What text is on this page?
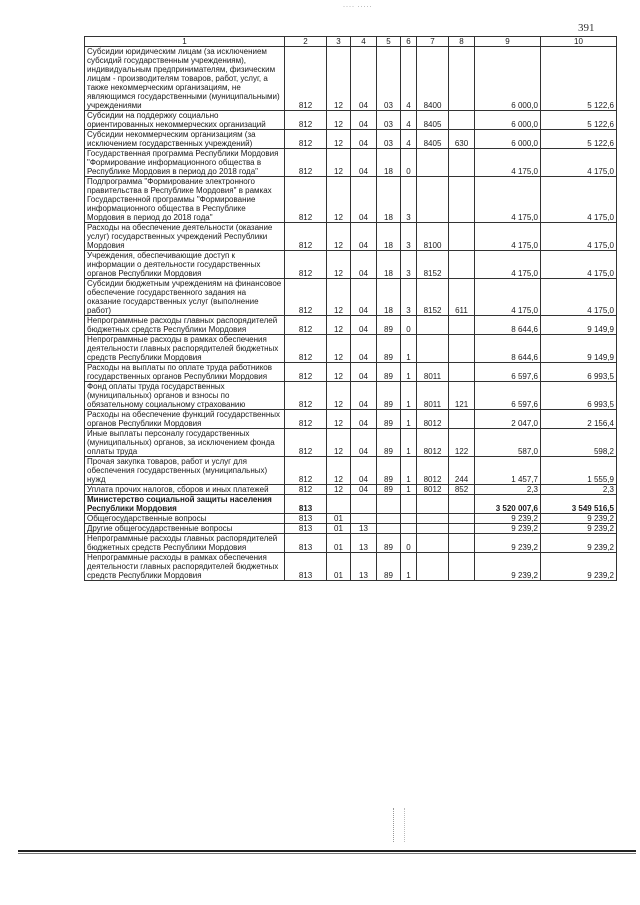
···· ·····
391
1	2	3	4	5	6	7	8	9	10
Субсидии юридическим лицам (за исключением субсидий государственным учреждениям), индивидуальным предпринимателям, физическим лицам - производителям товаров, работ, услуг, а также некоммерческим организациям, не являющимся государственными (муниципальными) учреждениями	812	12	04	03	4	8400		6 000,0	5 122,6
Субсидии на поддержку социально ориентированных некоммерческих организаций	812	12	04	03	4	8405		6 000,0	5 122,6
Субсидии некоммерческим организациям (за исключением государственных учреждений)	812	12	04	03	4	8405	630	6 000,0	5 122,6
Государственная программа Республики Мордовия "Формирование информационного общества в Республике Мордовия в период до 2018 года"	812	12	04	18	0			4 175,0	4 175,0
Подпрограмма "Формирование электронного правительства в Республике Мордовия" в рамках Государственной программы "Формирование информационного общества в Республике Мордовия в период до 2018 года"	812	12	04	18	3			4 175,0	4 175,0
Расходы на обеспечение деятельности (оказание услуг) государственных учреждений Республики Мордовия	812	12	04	18	3	8100		4 175,0	4 175,0
Учреждения, обеспечивающие доступ к информации о деятельности государственных органов Республики Мордовия	812	12	04	18	3	8152		4 175,0	4 175,0
Субсидии бюджетным учреждениям на финансовое обеспечение государственного задания на оказание государственных услуг (выполнение работ)	812	12	04	18	3	8152	611	4 175,0	4 175,0
Непрограммные расходы главных распорядителей бюджетных средств Республики Мордовия	812	12	04	89	0			8 644,6	9 149,9
Непрограммные расходы в рамках обеспечения деятельности главных распорядителей бюджетных средств Республики Мордовия	812	12	04	89	1			8 644,6	9 149,9
Расходы на выплаты по оплате труда работников государственных органов Республики Мордовия	812	12	04	89	1	8011		6 597,6	6 993,5
Фонд оплаты труда государственных (муниципальных) органов и взносы по обязательному социальному страхованию	812	12	04	89	1	8011	121	6 597,6	6 993,5
Расходы на обеспечение функций государственных органов Республики Мордовия	812	12	04	89	1	8012		2 047,0	2 156,4
Иные выплаты персоналу государственных (муниципальных) органов, за исключением фонда оплаты труда	812	12	04	89	1	8012	122	587,0	598,2
Прочая закупка товаров, работ и услуг для обеспечения государственных (муниципальных) нужд	812	12	04	89	1	8012	244	1 457,7	1 555,9
Уплата прочих налогов, сборов и иных платежей	812	12	04	89	1	8012	852	2,3	2,3
Министерство социальной защиты населения Республики Мордовия	813							3 520 007,6	3 549 516,5
Общегосударственные вопросы	813	01						9 239,2	9 239,2
Другие общегосударственные вопросы	813	01	13					9 239,2	9 239,2
Непрограммные расходы главных распорядителей бюджетных средств Республики Мордовия	813	01	13	89	0			9 239,2	9 239,2
Непрограммные расходы в рамках обеспечения деятельности главных распорядителей бюджетных средств Республики Мордовия	813	01	13	89	1			9 239,2	9 239,2
